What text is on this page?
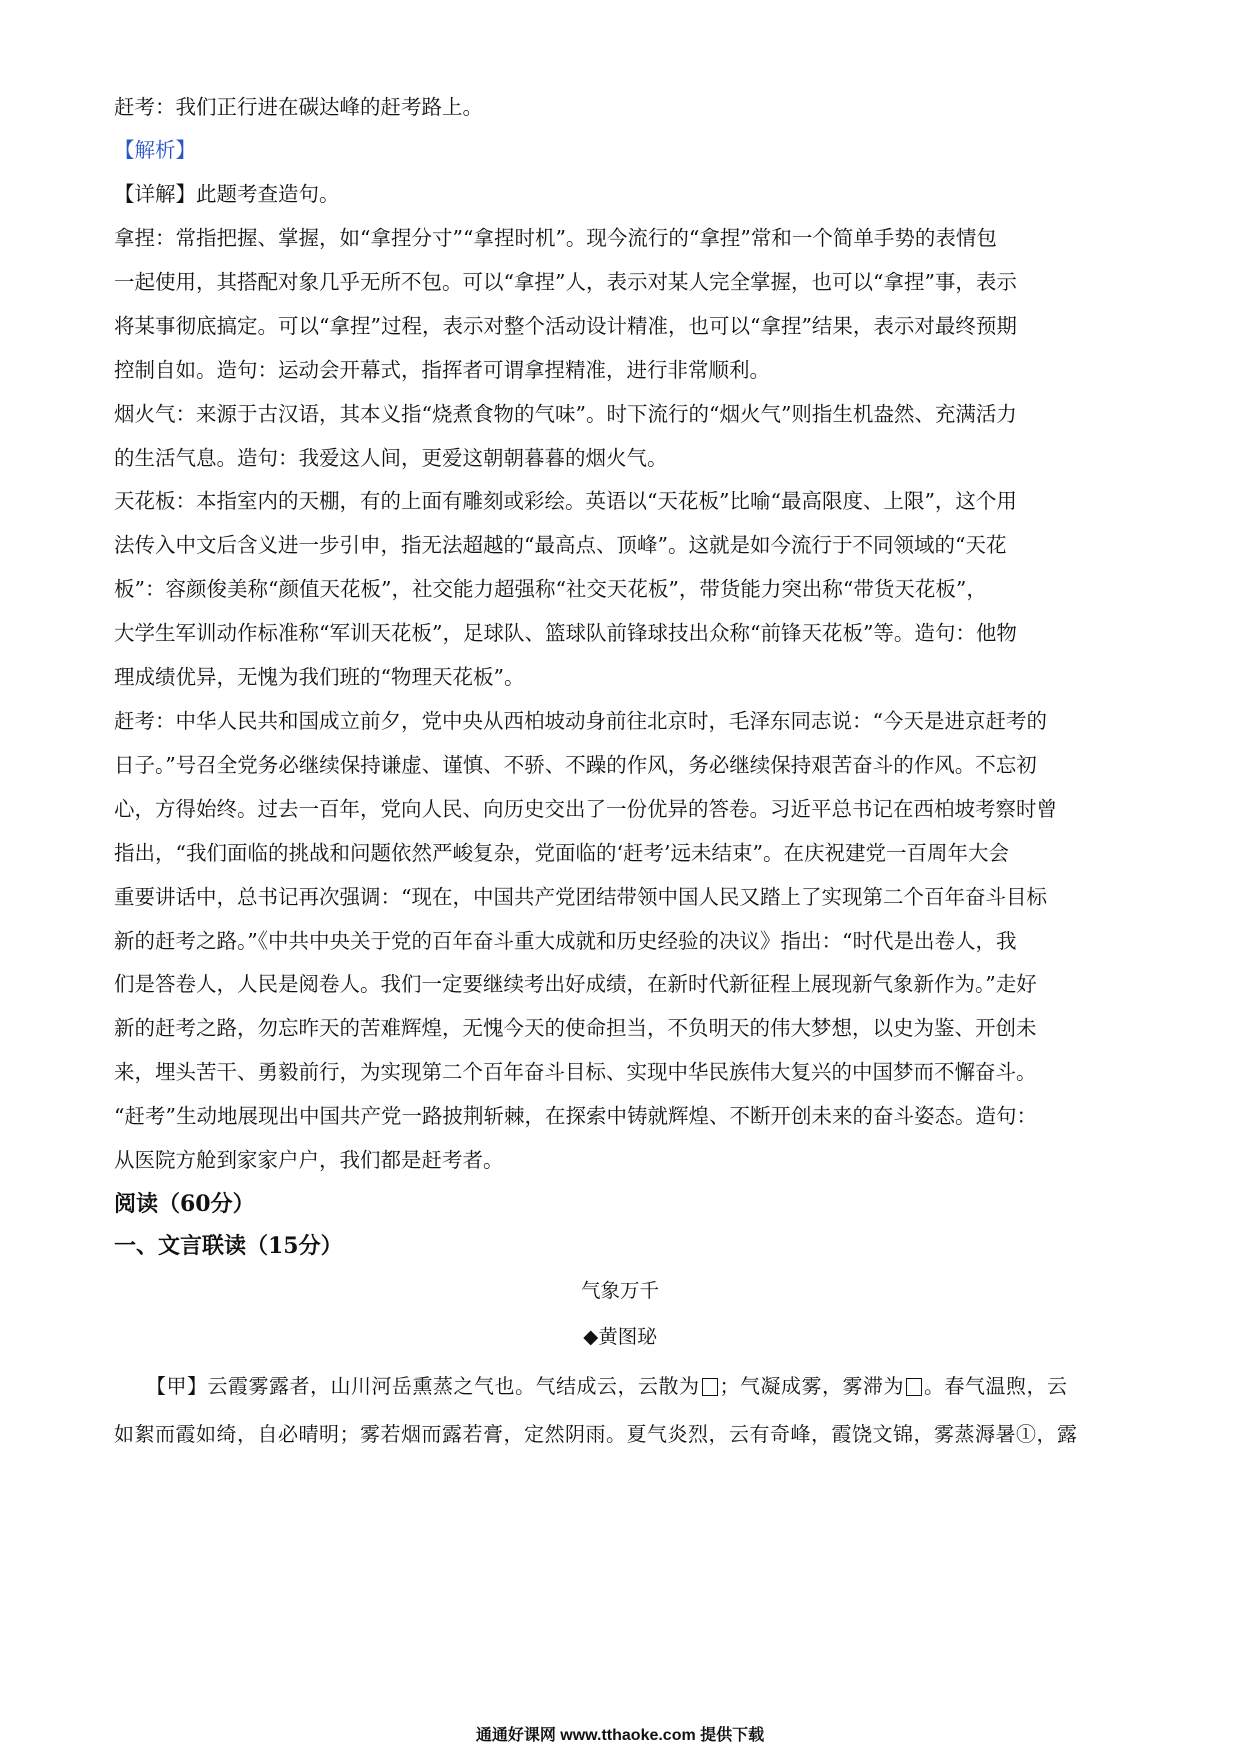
赶考：我们正行进在碳达峰的赶考路上。

【解析】

【详解】此题考查造句。

拿捏：常指把握、掌握，如“拿捏分寸”“拿捏时机”。现今流行的“拿捏”常和一个简单手势的表情包

一起使用，其搭配对象几乎无所不包。可以“拿捏”人，表示对某人完全掌握，也可以“拿捏”事，表示

将某事彻底搞定。可以“拿捏”过程，表示对整个活动设计精准，也可以“拿捏”结果，表示对最终预期

控制自如。造句：运动会开幕式，指挥者可谓拿捏精准，进行非常顺利。

烟火气：来源于古汉语，其本义指“烧煮食物的气味”。时下流行的“烟火气”则指生机盎然、充满活力

的生活气息。造句：我爱这人间，更爱这朝朝暮暮的烟火气。

天花板：本指室内的天棚，有的上面有雕刻或彩绘。英语以“天花板”比喻“最高限度、上限”，这个用

法传入中文后含义进一步引申，指无法超越的“最高点、顶峰”。这就是如今流行于不同领域的“天花

板”：容颜俊美称“颜值天花板”，社交能力超强称“社交天花板”，带货能力突出称“带货天花板”，

大学生军训动作标准称“军训天花板”，足球队、篮球队前锋球技出众称“前锋天花板”等。造句：他物

理成绩优异，无愧为我们班的“物理天花板”。

赶考：中华人民共和国成立前夕，党中央从西柏坡动身前往北京时，毛泽东同志说：“今天是进京赶考的

日子。”号召全党务必继续保持谦虚、谨慎、不骄、不躁的作风，务必继续保持艰苦奋斗的作风。不忘初

心，方得始终。过去一百年，党向人民、向历史交出了一份优异的答卷。习近平总书记在西柏坡考察时曾

指出，“我们面临的挑战和问题依然严峻复杂，党面临的‘赶考’远未结束”。在庆祝建党一百周年大会

重要讲话中，总书记再次强调：“现在，中国共产党团结带领中国人民又踏上了实现第二个百年奋斗目标

新的赶考之路。”《中共中央关于党的百年奋斗重大成就和历史经验的决议》指出：“时代是出卷人，我

们是答卷人，人民是阅卷人。我们一定要继续考出好成绩，在新时代新征程上展现新气象新作为。”走好

新的赶考之路，勿忘昨天的苦难辉煌，无愧今天的使命担当，不负明天的伟大梦想，以史为鉴、开创未

来，埋头苦干、勇毅前行，为实现第二个百年奋斗目标、实现中华民族伟大复兴的中国梦而不懈奋斗。

“赶考”生动地展现出中国共产党一路披荆斩棘，在探索中铸就辉煌、不断开创未来的奋斗姿态。造句：

从医院方舱到家家户户，我们都是赶考者。

阅读（60分）

一、文言联读（15分）

气象万千

◆黄图珌

【甲】云霞雾露者，山川河岳熏蒸之气也。气结成云，云散为 ；气凝成雾，雾滞为 。春气温煦，云

如絮而霞如绮，自必晴明；雾若烟而露若膏，定然阴雨。夏气炎烈，云有奇峰，霞饶文锦，雾蒸溽暑①，露

通通好课网 www.tthaoke.com 提供下载
